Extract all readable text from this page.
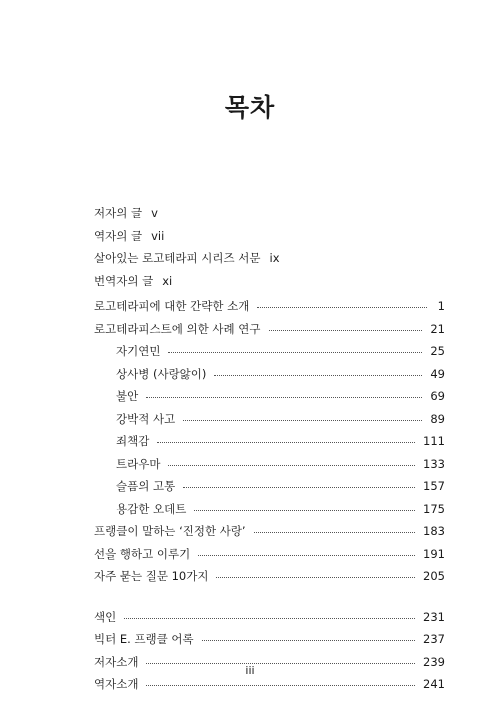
목차
저자의 글 v
역자의 글 vii
살아있는 로고테라피 시리즈 서문 ix
번역자의 글 xi
로고테라피에 대한 간략한 소개	1
로고테라피스트에 의한 사례 연구	21
자기연민	25
상사병 (사랑앓이)	49
불안	69
강박적 사고	89
죄책감	111
트라우마	133
슬픔의 고통	157
용감한 오데트	175
프랭클이 말하는 ‘진정한 사랑’	183
선을 행하고 이루기	191
자주 묻는 질문 10가지	205
색인	231
빅터 E. 프랭클 어록	237
저자소개	239
역자소개	241
iii
